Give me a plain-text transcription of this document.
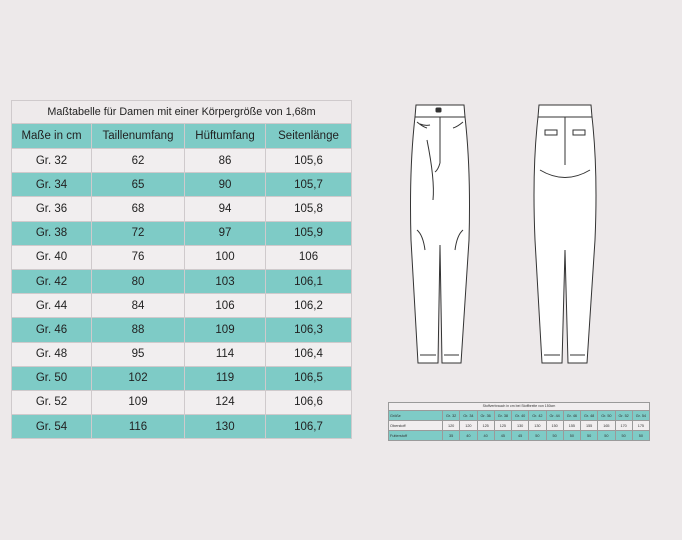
Maßtabelle für Damen mit einer Körpergröße von 1,68m			
Maße in cm	Taillenumfang	Hüftumfang	Seitenlänge
Gr. 32	62	86	105,6
Gr. 34	65	90	105,7
Gr. 36	68	94	105,8
Gr. 38	72	97	105,9
Gr. 40	76	100	106
Gr. 42	80	103	106,1
Gr. 44	84	106	106,2
Gr. 46	88	109	106,3
Gr. 48	95	114	106,4
Gr. 50	102	119	106,5
Gr. 52	109	124	106,6
Gr. 54	116	130	106,7
Stoffverbrauch in cm bei Stoffbreite von 150cm
Größe	Gr. 32	Gr. 34	Gr. 36	Gr. 38	Gr. 40	Gr. 42	Gr. 44	Gr. 46	Gr. 48	Gr. 50	Gr. 52	Gr. 54
Oberstoff	120	120	125	125	130	130	150	155	155	165	170	175
Futterstoff	35	40	40	45	45	50	50	50	50	50	50	50
